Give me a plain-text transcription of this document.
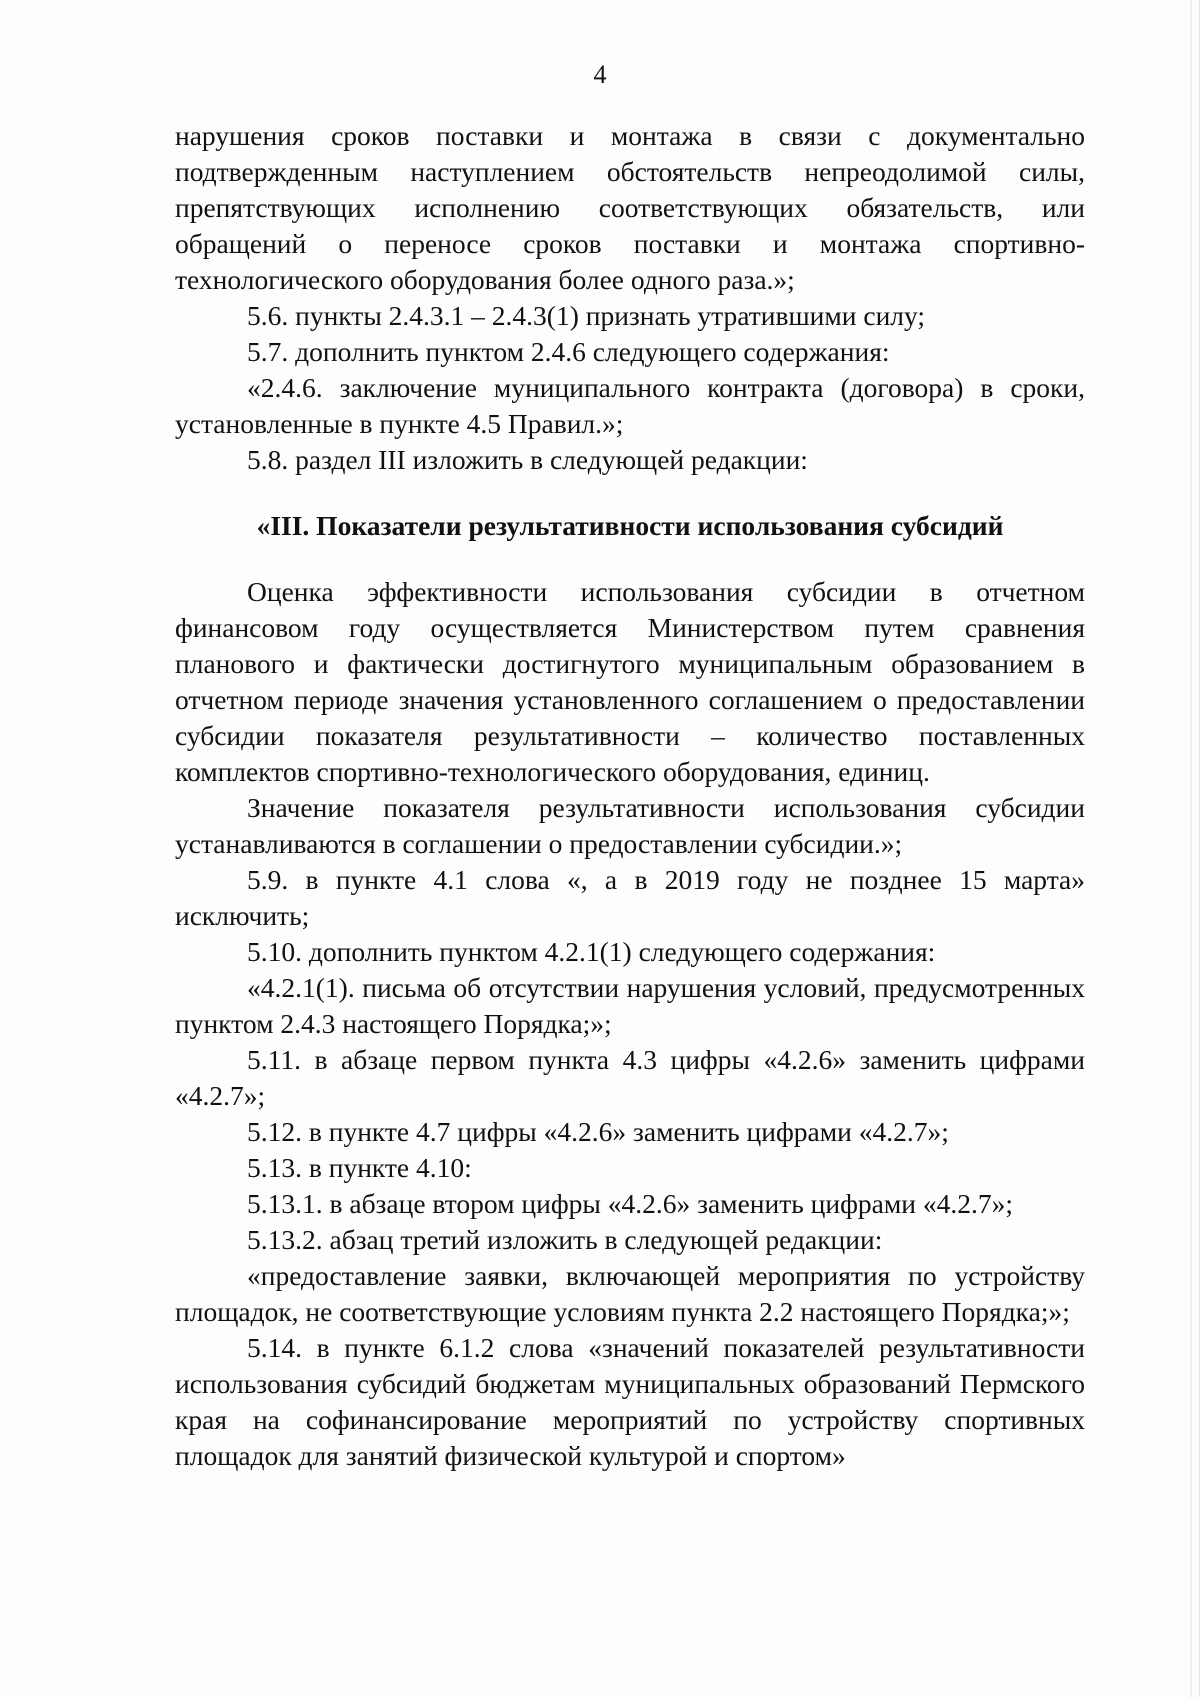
4

нарушения сроков поставки и монтажа в связи с документально подтвержденным наступлением обстоятельств непреодолимой силы, препятствующих исполнению соответствующих обязательств, или обращений о переносе сроков поставки и монтажа спортивно-технологического оборудования более одного раза.»;

5.6. пункты 2.4.3.1 – 2.4.3(1) признать утратившими силу;

5.7. дополнить пунктом 2.4.6 следующего содержания:

«2.4.6. заключение муниципального контракта (договора) в сроки, установленные в пункте 4.5 Правил.»;

5.8. раздел III изложить в следующей редакции:

«III. Показатели результативности использования субсидий

Оценка эффективности использования субсидии в отчетном финансовом году осуществляется Министерством путем сравнения планового и фактически достигнутого муниципальным образованием в отчетном периоде значения установленного соглашением о предоставлении субсидии показателя результативности – количество поставленных комплектов спортивно-технологического оборудования, единиц.

Значение показателя результативности использования субсидии устанавливаются в соглашении о предоставлении субсидии.»;

5.9. в пункте 4.1 слова «, а в 2019 году не позднее 15 марта» исключить;

5.10. дополнить пунктом 4.2.1(1) следующего содержания:

«4.2.1(1). письма об отсутствии нарушения условий, предусмотренных пунктом 2.4.3 настоящего Порядка;»;

5.11. в абзаце первом пункта 4.3 цифры «4.2.6» заменить цифрами «4.2.7»;

5.12. в пункте 4.7 цифры «4.2.6» заменить цифрами «4.2.7»;

5.13. в пункте 4.10:

5.13.1. в абзаце втором цифры «4.2.6» заменить цифрами «4.2.7»;

5.13.2. абзац третий изложить в следующей редакции:

«предоставление заявки, включающей мероприятия по устройству площадок, не соответствующие условиям пункта 2.2 настоящего Порядка;»;

5.14. в пункте 6.1.2 слова «значений показателей результативности использования субсидий бюджетам муниципальных образований Пермского края на софинансирование мероприятий по устройству спортивных площадок для занятий физической культурой и спортом»
